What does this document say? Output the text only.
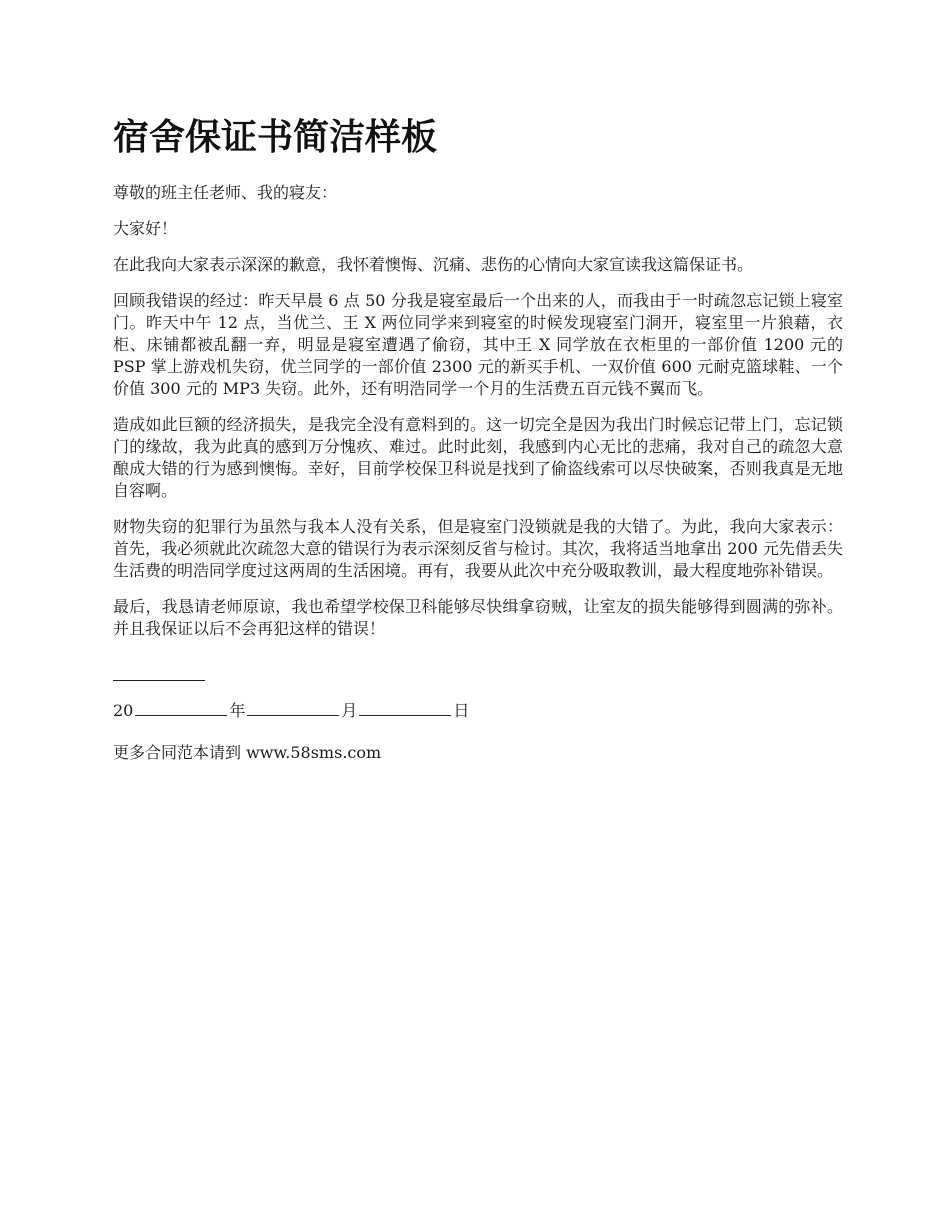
宿舍保证书简洁样板

尊敬的班主任老师、我的寝友：

大家好！

在此我向大家表示深深的歉意，我怀着懊悔、沉痛、悲伤的心情向大家宣读我这篇保证书。

回顾我错误的经过：昨天早晨 6 点 50 分我是寝室最后一个出来的人，而我由于一时疏忽忘记锁上寝室门。昨天中午 12 点，当优兰、王 X 两位同学来到寝室的时候发现寝室门洞开，寝室里一片狼藉，衣柜、床铺都被乱翻一弃，明显是寝室遭遇了偷窃，其中王 X 同学放在衣柜里的一部价值 1200 元的 PSP 掌上游戏机失窃，优兰同学的一部价值 2300 元的新买手机、一双价值 600 元耐克篮球鞋、一个价值 300 元的 MP3 失窃。此外，还有明浩同学一个月的生活费五百元钱不翼而飞。

造成如此巨额的经济损失，是我完全没有意料到的。这一切完全是因为我出门时候忘记带上门，忘记锁门的缘故，我为此真的感到万分愧疚、难过。此时此刻，我感到内心无比的悲痛，我对自己的疏忽大意酿成大错的行为感到懊悔。幸好，目前学校保卫科说是找到了偷盗线索可以尽快破案，否则我真是无地自容啊。

财物失窃的犯罪行为虽然与我本人没有关系，但是寝室门没锁就是我的大错了。为此，我向大家表示：首先，我必须就此次疏忽大意的错误行为表示深刻反省与检讨。其次，我将适当地拿出 200 元先借丢失生活费的明浩同学度过这两周的生活困境。再有，我要从此次中充分吸取教训，最大程度地弥补错误。

最后，我恳请老师原谅，我也希望学校保卫科能够尽快缉拿窃贼，让室友的损失能够得到圆满的弥补。并且我保证以后不会再犯这样的错误！

20	年	月	日

更多合同范本请到 www.58sms.com
